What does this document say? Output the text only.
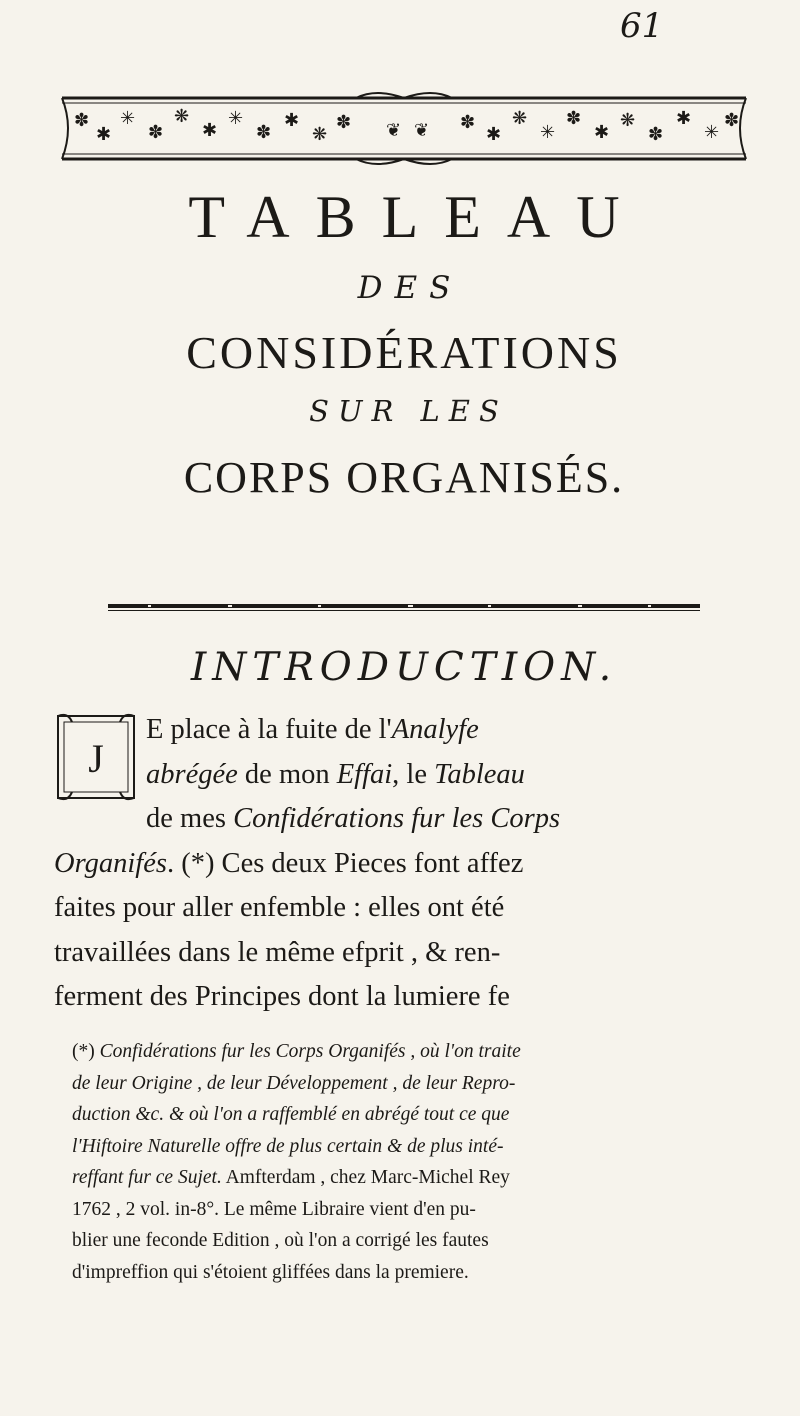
61
✽
✱
✳
✽
❋
✱
✳
✽
✱
❋
✽ ❦ ❦ ✽
✱
❋
✳
✽
✱
❋
✽
✱
✳
✽
TABLEAU
DES
CONSIDÉRATIONS
SUR LES
CORPS ORGANISÉS.
INTRODUCTION.
J
E place à la fuite de l'Analyfe
abrégée de mon Effai, le Tableau
de mes Confidérations fur les Corps
Organifés. (*) Ces deux Pieces font affez
faites pour aller enfemble : elles ont été
travaillées dans le même efprit , & ren-
ferment des Principes dont la lumiere fe
(*) Confidérations fur les Corps Organifés , où l'on traite
de leur Origine , de leur Développement , de leur Repro-
duction &c. & où l'on a raffemblé en abrégé tout ce que
l'Hiftoire Naturelle offre de plus certain & de plus inté-
reffant fur ce Sujet. Amfterdam , chez Marc-Michel Rey
1762 , 2 vol. in-8°. Le même Libraire vient d'en pu-
blier une feconde Edition , où l'on a corrigé les fautes
d'impreffion qui s'étoient gliffées dans la premiere.
